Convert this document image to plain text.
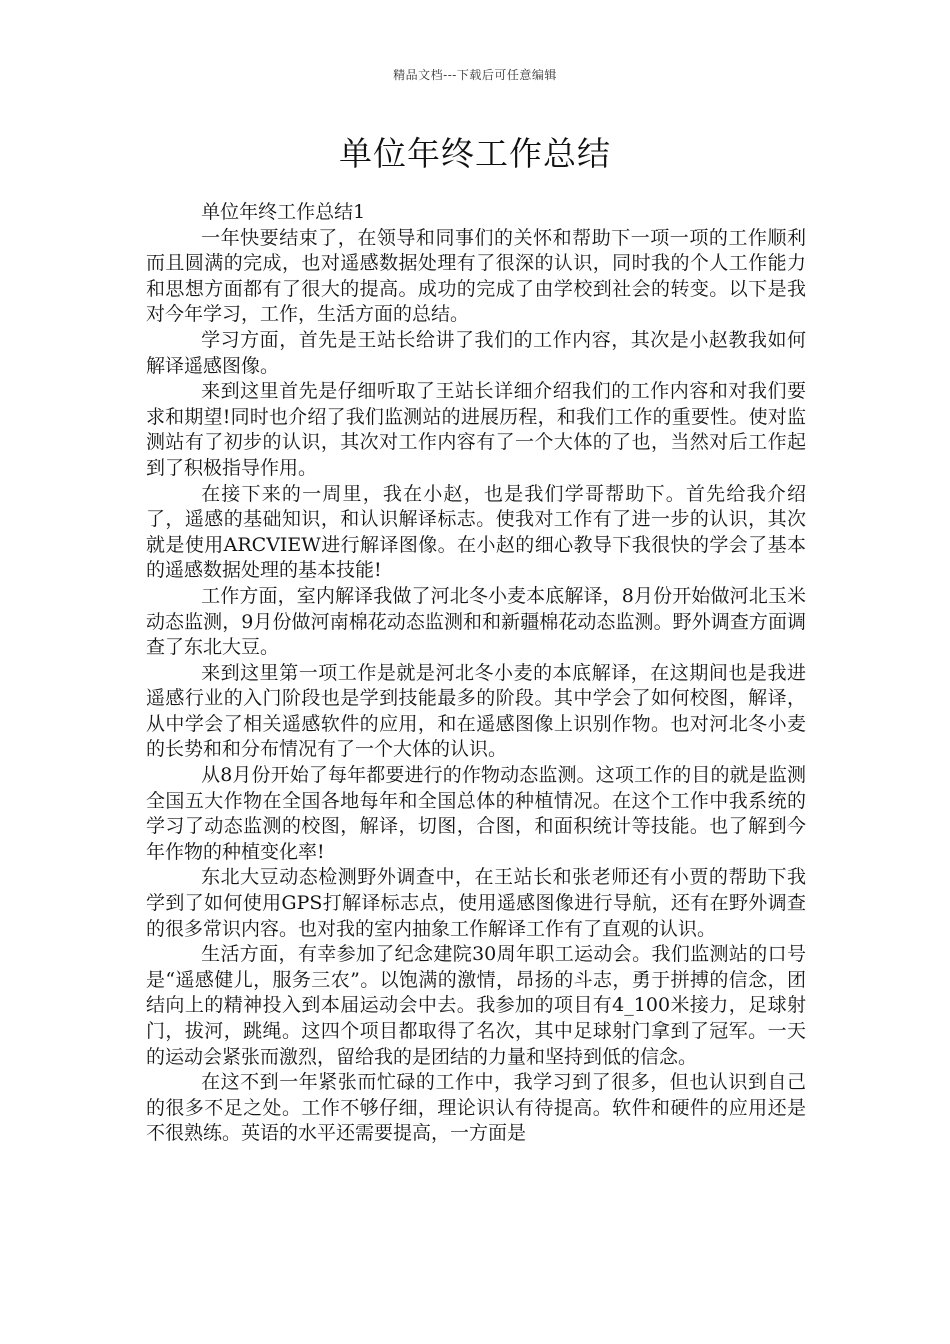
精品文档---下载后可任意编辑
单位年终工作总结

单位年终工作总结1

一年快要结束了，在领导和同事们的关怀和帮助下一项一项的工作顺利而且圆满的完成，也对遥感数据处理有了很深的认识，同时我的个人工作能力和思想方面都有了很大的提高。成功的完成了由学校到社会的转变。以下是我对今年学习，工作，生活方面的总结。

学习方面，首先是王站长给讲了我们的工作内容，其次是小赵教我如何解译遥感图像。

来到这里首先是仔细听取了王站长详细介绍我们的工作内容和对我们要求和期望!同时也介绍了我们监测站的进展历程，和我们工作的重要性。使对监测站有了初步的认识，其次对工作内容有了一个大体的了也，当然对后工作起到了积极指导作用。

在接下来的一周里，我在小赵，也是我们学哥帮助下。首先给我介绍了，遥感的基础知识，和认识解译标志。使我对工作有了进一步的认识，其次就是使用ARCVIEW进行解译图像。在小赵的细心教导下我很快的学会了基本的遥感数据处理的基本技能!

工作方面，室内解译我做了河北冬小麦本底解译，8月份开始做河北玉米动态监测，9月份做河南棉花动态监测和和新疆棉花动态监测。野外调查方面调查了东北大豆。

来到这里第一项工作是就是河北冬小麦的本底解译，在这期间也是我进遥感行业的入门阶段也是学到技能最多的阶段。其中学会了如何校图，解译，从中学会了相关遥感软件的应用，和在遥感图像上识别作物。也对河北冬小麦的长势和和分布情况有了一个大体的认识。

从8月份开始了每年都要进行的作物动态监测。这项工作的目的就是监测全国五大作物在全国各地每年和全国总体的种植情况。在这个工作中我系统的学习了动态监测的校图，解译，切图，合图，和面积统计等技能。也了解到今年作物的种植变化率!

东北大豆动态检测野外调查中，在王站长和张老师还有小贾的帮助下我学到了如何使用GPS打解译标志点，使用遥感图像进行导航，还有在野外调查的很多常识内容。也对我的室内抽象工作解译工作有了直观的认识。

生活方面，有幸参加了纪念建院30周年职工运动会。我们监测站的口号是“遥感健儿，服务三农”。以饱满的激情，昂扬的斗志，勇于拼搏的信念，团结向上的精神投入到本届运动会中去。我参加的项目有4_100米接力，足球射门，拔河，跳绳。这四个项目都取得了名次，其中足球射门拿到了冠军。一天的运动会紧张而激烈，留给我的是团结的力量和坚持到低的信念。

在这不到一年紧张而忙碌的工作中，我学习到了很多，但也认识到自己的很多不足之处。工作不够仔细，理论识认有待提高。软件和硬件的应用还是不很熟练。英语的水平还需要提高，一方面是
